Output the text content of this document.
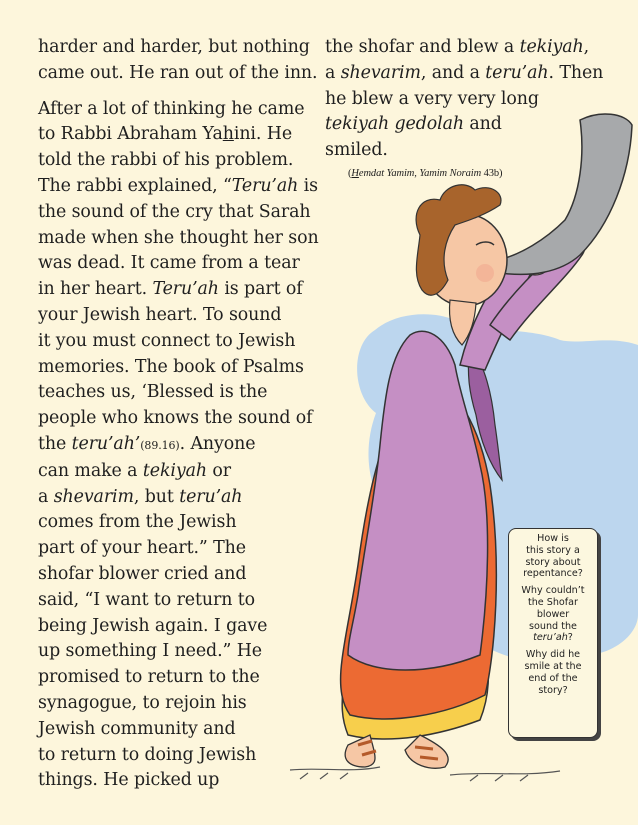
harder and harder, but nothing
came out. He ran out of the inn.

After a lot of thinking he came
to Rabbi Abraham Yahini. He
told the rabbi of his problem.
The rabbi explained, “Teru’ah is
the sound of the cry that Sarah
made when she thought her son
was dead. It came from a tear
in her heart. Teru’ah is part of
your Jewish heart. To sound
it you must connect to Jewish
memories. The book of Psalms
teaches us, ‘Blessed is the
people who knows the sound of
the teru’ah’(89.16). Anyone
can make a tekiyah or
a shevarim, but teru’ah
comes from the Jewish
part of your heart.” The
shofar blower cried and
said, “I want to return to
being Jewish again. I gave
up something I need.” He
promised to return to the
synagogue, to rejoin his
Jewish community and
to return to doing Jewish
things. He picked up

the shofar and blew a tekiyah,
a shevarim, and a teru’ah. Then
he blew a very very long
tekiyah gedolah and
smiled.

(Hemdat Yamim, Yamim Noraim 43b)

How is
this story a
story about
repentance?

Why couldn’t
the Shofar
blower
sound the
teru’ah?

Why did he
smile at the
end of the
story?
